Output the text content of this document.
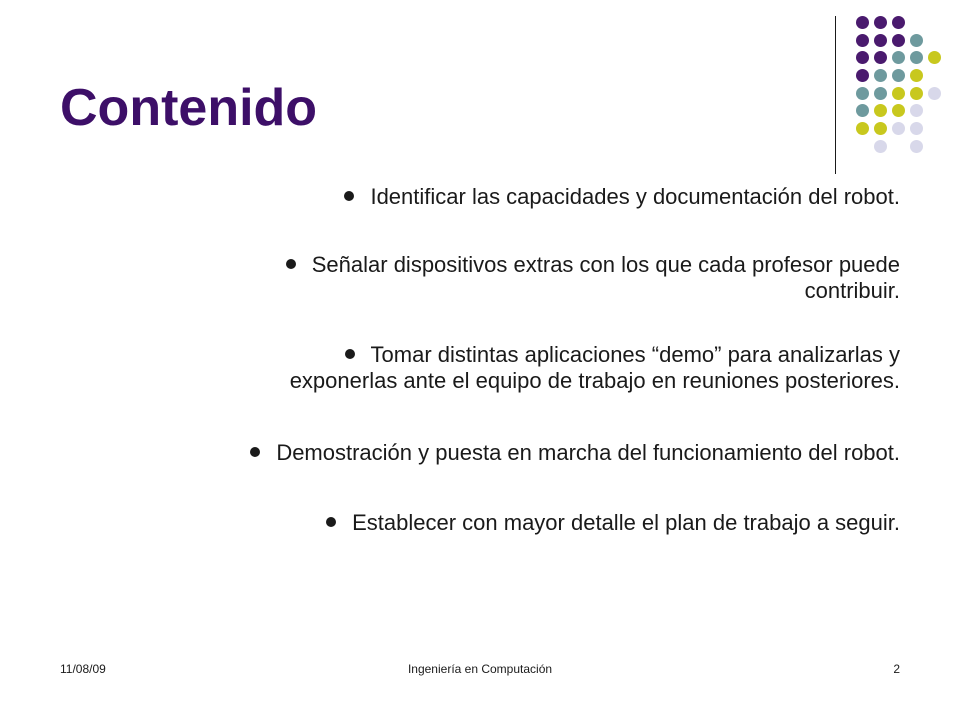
Contenido
Identificar las capacidades y documentación del robot.
Señalar dispositivos extras con los que cada profesor puede
contribuir.
Tomar distintas aplicaciones “demo” para analizarlas y
exponerlas ante el equipo de trabajo en reuniones posteriores.
Demostración y puesta en marcha del funcionamiento del robot.
Establecer con mayor detalle el plan de trabajo a seguir.
11/08/09	Ingeniería en Computación	2
